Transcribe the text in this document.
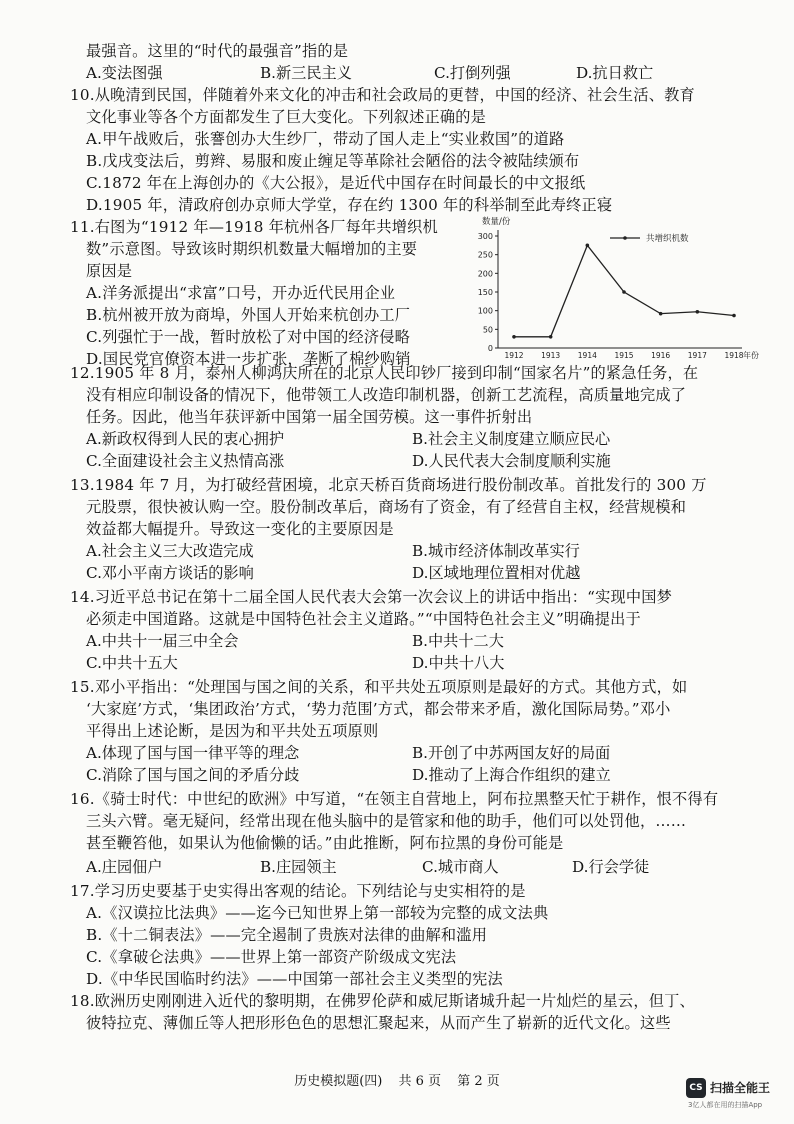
最强音。这里的“时代的最强音”指的是
A.变法图强	B.新三民主义	C.打倒列强	D.抗日救亡
10.从晚清到民国，伴随着外来文化的冲击和社会政局的更替，中国的经济、社会生活、教育
文化事业等各个方面都发生了巨大变化。下列叙述正确的是
A.甲午战败后，张謇创办大生纱厂，带动了国人走上“实业救国”的道路
B.戊戌变法后，剪辫、易服和废止缠足等革除社会陋俗的法令被陆续颁布
C.1872 年在上海创办的《大公报》，是近代中国存在时间最长的中文报纸
D.1905 年，清政府创办京师大学堂，存在约 1300 年的科举制至此寿终正寝
11.右图为“1912 年—1918 年杭州各厂每年共增织机
数”示意图。导致该时期织机数量大幅增加的主要
原因是
A.洋务派提出“求富”口号，开办近代民用企业
B.杭州被开放为商埠，外国人开始来杭创办工厂
C.列强忙于一战，暂时放松了对中国的经济侵略
D.国民党官僚资本进一步扩张，垄断了棉纱购销
0
50
100
150
200
250
300
数量/份
1912 1913 1914 1915 1916 1917 1918 年份
共增织机数
12.1905 年 8 月，泰州人柳鸿庆所在的北京人民印钞厂接到印制“国家名片”的紧急任务，在
没有相应印制设备的情况下，他带领工人改造印制机器，创新工艺流程，高质量地完成了
任务。因此，他当年获评新中国第一届全国劳模。这一事件折射出
A.新政权得到人民的衷心拥护	B.社会主义制度建立顺应民心
C.全面建设社会主义热情高涨	D.人民代表大会制度顺利实施
13.1984 年 7 月，为打破经营困境，北京天桥百货商场进行股份制改革。首批发行的 300 万
元股票，很快被认购一空。股份制改革后，商场有了资金，有了经营自主权，经营规模和
效益都大幅提升。导致这一变化的主要原因是
A.社会主义三大改造完成	B.城市经济体制改革实行
C.邓小平南方谈话的影响	D.区域地理位置相对优越
14.习近平总书记在第十二届全国人民代表大会第一次会议上的讲话中指出：“实现中国梦
必须走中国道路。这就是中国特色社会主义道路。”“中国特色社会主义”明确提出于
A.中共十一届三中全会	B.中共十二大
C.中共十五大	D.中共十八大
15.邓小平指出：“处理国与国之间的关系，和平共处五项原则是最好的方式。其他方式，如
‘大家庭’方式，‘集团政治’方式，‘势力范围’方式，都会带来矛盾，激化国际局势。”邓小
平得出上述论断，是因为和平共处五项原则
A.体现了国与国一律平等的理念	B.开创了中苏两国友好的局面
C.消除了国与国之间的矛盾分歧	D.推动了上海合作组织的建立
16.《骑士时代：中世纪的欧洲》中写道，“在领主自营地上，阿布拉黑整天忙于耕作，恨不得有
三头六臂。毫无疑问，经常出现在他头脑中的是管家和他的助手，他们可以处罚他，……
甚至鞭笞他，如果认为他偷懒的话。”由此推断，阿布拉黑的身份可能是
A.庄园佃户	B.庄园领主	C.城市商人	D.行会学徒
17.学习历史要基于史实得出客观的结论。下列结论与史实相符的是
A.《汉谟拉比法典》——迄今已知世界上第一部较为完整的成文法典
B.《十二铜表法》——完全遏制了贵族对法律的曲解和滥用
C.《拿破仑法典》——世界上第一部资产阶级成文宪法
D.《中华民国临时约法》——中国第一部社会主义类型的宪法
18.欧洲历史刚刚进入近代的黎明期，在佛罗伦萨和威尼斯诸城升起一片灿烂的星云，但丁、
彼特拉克、薄伽丘等人把形形色色的思想汇聚起来，从而产生了崭新的近代文化。这些
历史模拟题(四) 共 6 页 第 2 页	CS 扫描全能王
3亿人都在用的扫描App
